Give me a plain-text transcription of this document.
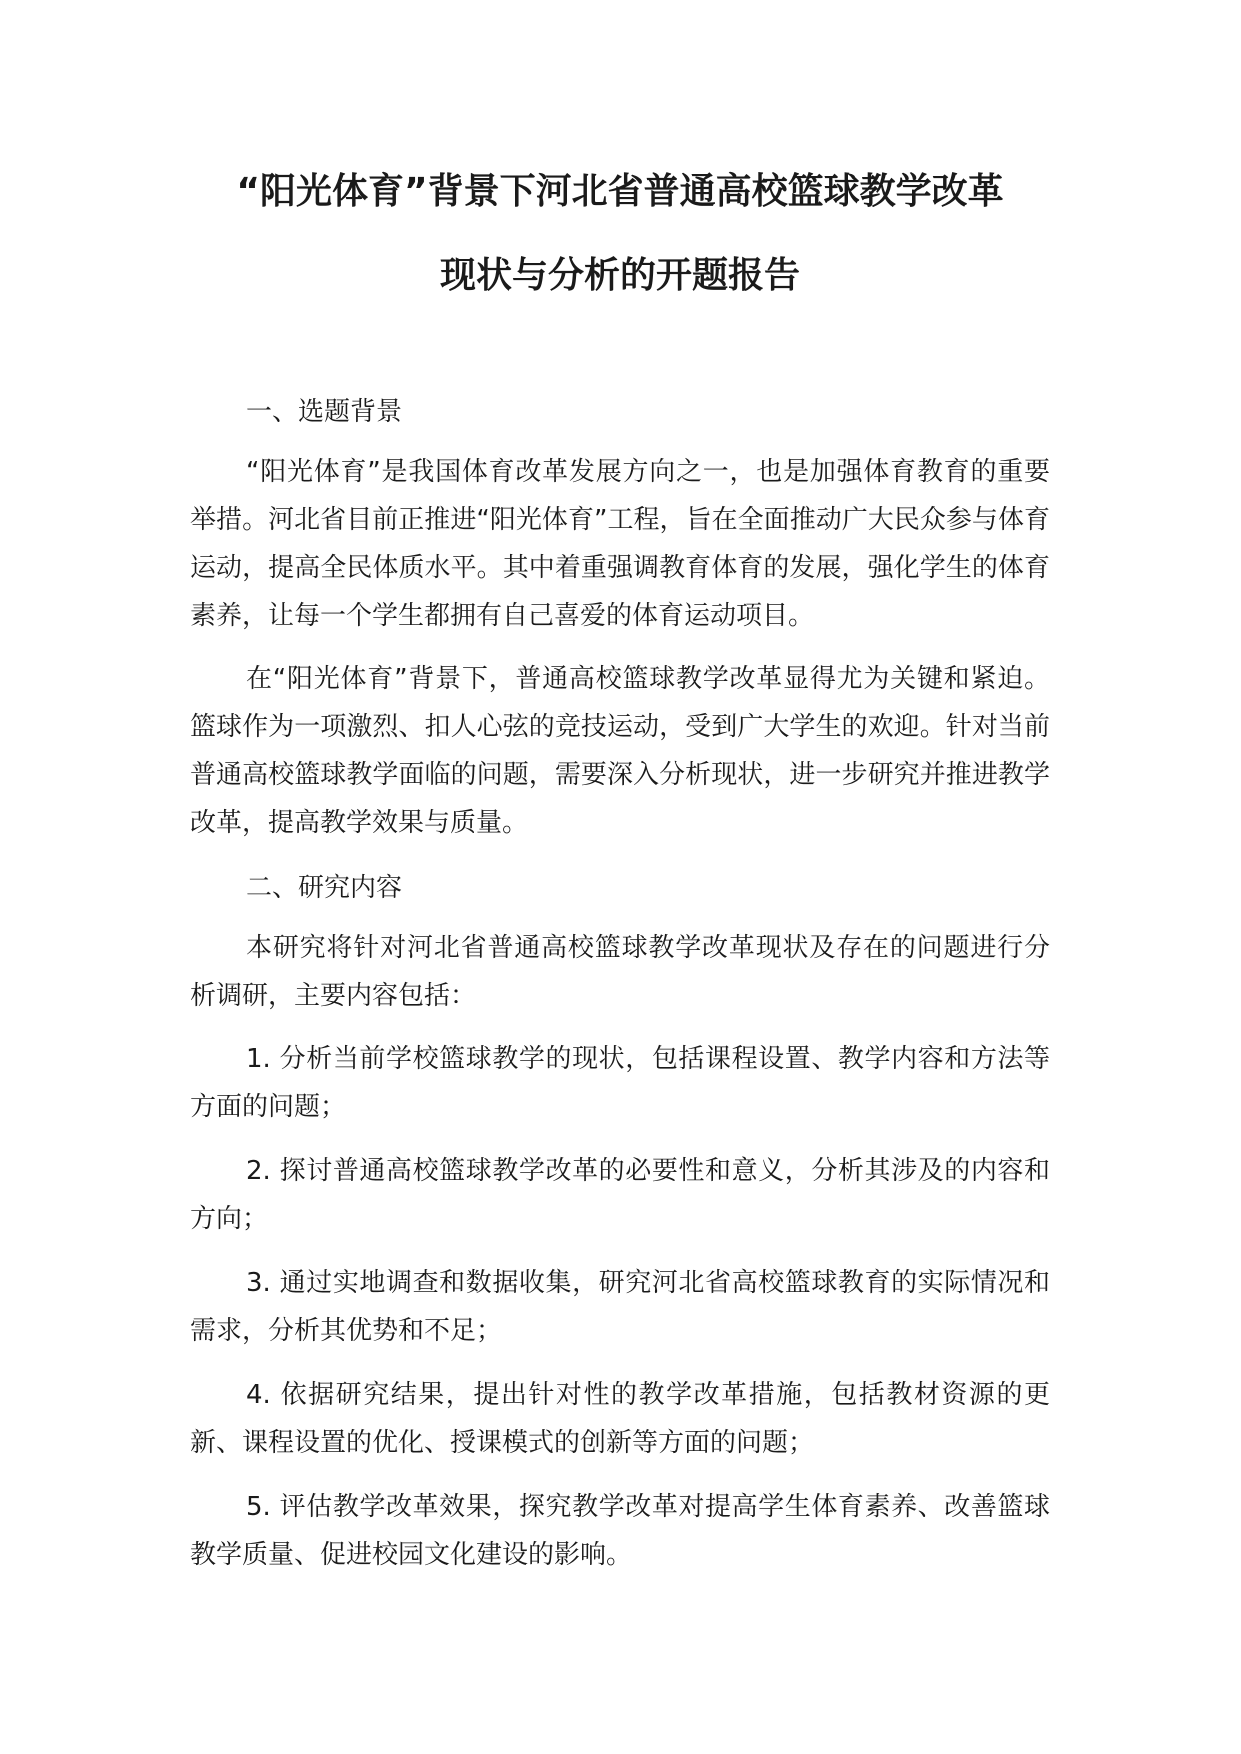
“阳光体育”背景下河北省普通高校篮球教学改革
现状与分析的开题报告

一、选题背景

“阳光体育”是我国体育改革发展方向之一，也是加强体育教育的重要举措。河北省目前正推进“阳光体育”工程，旨在全面推动广大民众参与体育运动，提高全民体质水平。其中着重强调教育体育的发展，强化学生的体育素养，让每一个学生都拥有自己喜爱的体育运动项目。

在“阳光体育”背景下，普通高校篮球教学改革显得尤为关键和紧迫。篮球作为一项激烈、扣人心弦的竞技运动，受到广大学生的欢迎。针对当前普通高校篮球教学面临的问题，需要深入分析现状，进一步研究并推进教学改革，提高教学效果与质量。

二、研究内容

本研究将针对河北省普通高校篮球教学改革现状及存在的问题进行分析调研，主要内容包括：

1. 分析当前学校篮球教学的现状，包括课程设置、教学内容和方法等方面的问题；

2. 探讨普通高校篮球教学改革的必要性和意义，分析其涉及的内容和方向；

3. 通过实地调查和数据收集，研究河北省高校篮球教育的实际情况和需求，分析其优势和不足；

4. 依据研究结果，提出针对性的教学改革措施，包括教材资源的更新、课程设置的优化、授课模式的创新等方面的问题；

5. 评估教学改革效果，探究教学改革对提高学生体育素养、改善篮球教学质量、促进校园文化建设的影响。
